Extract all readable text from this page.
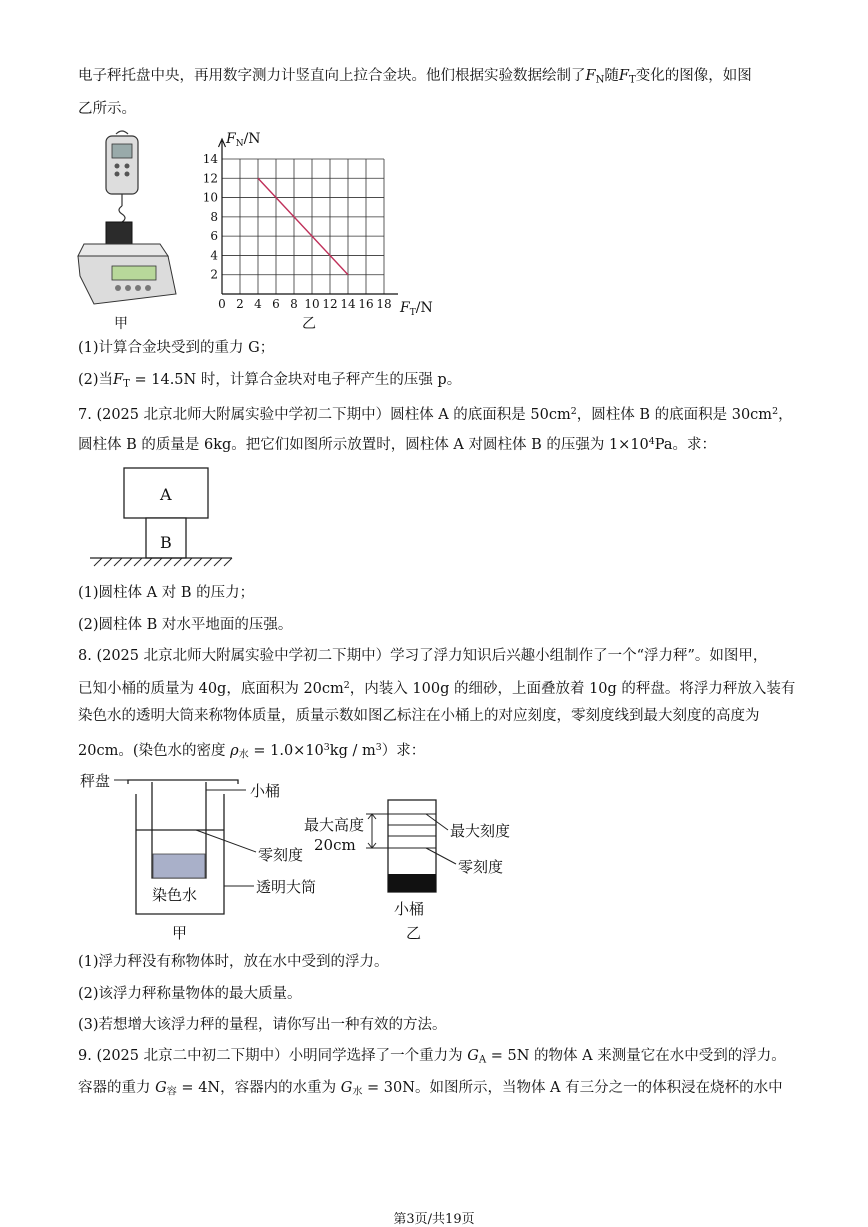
电子秤托盘中央，再用数字测力计竖直向上拉合金块。他们根据实验数据绘制了$F_N$随$F_T$变化的图像，如图
乙所示。
甲
0 2 4 6 8 10 12 14 16 18
2
4
6
8
10
12
14
$F_N/N$
$F_T/N$
乙
(1)计算合金块受到的重力 G；
(2)当$F_T = 14.5N$ 时，计算合金块对电子秤产生的压强 p。
7. (2025 北京北师大附属实验中学初二下期中）圆柱体 A 的底面积是 $50cm^2$，圆柱体 B 的底面积是 $30cm^2$，
圆柱体 B 的质量是 6kg。把它们如图所示放置时，圆柱体 A 对圆柱体 B 的压强为 $1\times 10^4Pa$。求：
A
B
(1)圆柱体 A 对 B 的压力；
(2)圆柱体 B 对水平地面的压强。
8. (2025 北京北师大附属实验中学初二下期中）学习了浮力知识后兴趣小组制作了一个“浮力秤”。如图甲，
已知小桶的质量为 40g，底面积为 $20cm^2$，内装入 100g 的细砂，上面叠放着 10g 的秤盘。将浮力秤放入装有
染色水的透明大筒来称物体质量，质量示数如图乙标注在小桶上的对应刻度，零刻度线到最大刻度的高度为
20cm。(染色水的密度 $\rho_水 = 1.0\times 10^3kg / m^3$）求：
秤盘
小桶
零刻度
染色水	透明大筒
甲
最大高度
20cm
最大刻度
零刻度
小桶
乙
(1)浮力秤没有称物体时，放在水中受到的浮力。
(2)该浮力秤称量物体的最大质量。
(3)若想增大该浮力秤的量程，请你写出一种有效的方法。
9. (2025 北京二中初二下期中）小明同学选择了一个重力为 $G_A = 5N$ 的物体 A 来测量它在水中受到的浮力。
容器的重力 $G_容 = 4N$，容器内的水重为 $G_水 = 30N$。如图所示，当物体 A 有三分之一的体积浸在烧杯的水中
第3页/共19页
